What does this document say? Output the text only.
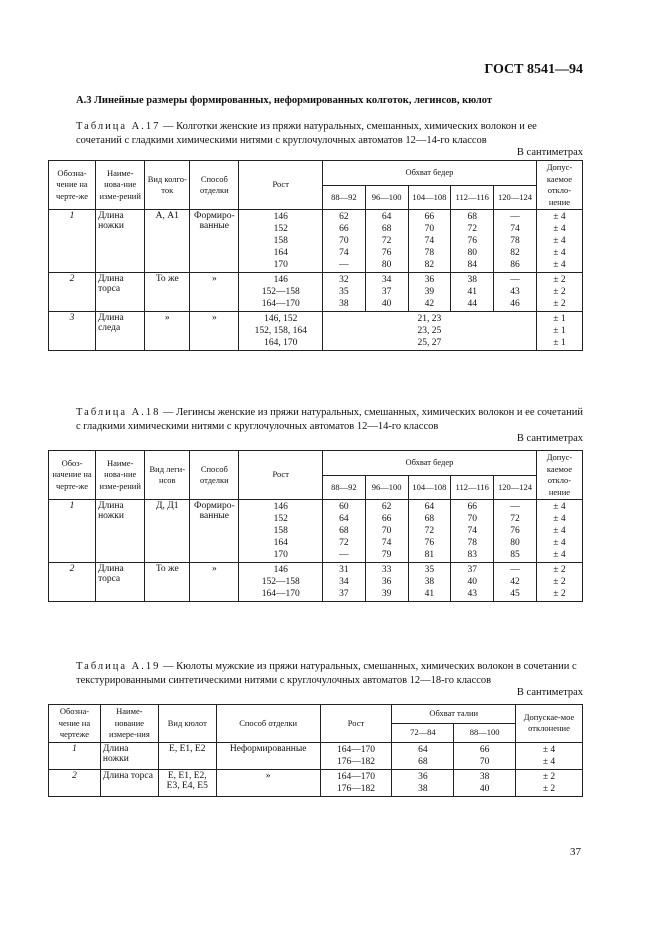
ГОСТ 8541—94
А.3 Линейные размеры формированных, неформированных колготок, легинсов, кюлот
Таблица А.17 — Колготки женские из пряжи натуральных, смешанных, химических волокон и ее сочетаний с гладкими химическими нитями с круглочулочных автоматов 12—14-го классов
В сантиметрах
Обозна-чение на черте-же	Наиме-нова-ние изме-рений	Вид колго-ток	Способ отделки	Рост	Обхват бедер					Допус-каемое откло-нение
					88—92	96—100	104—108	112—116	120—124	
1	Длина ножки	А, А1	Формиро-ванные	146
152
158
164
170	62
66
70
74
—	64
68
72
76
80	66
70
74
78
82	68
72
76
80
84	—
74
78
82
86	± 4
± 4
± 4
± 4
± 4

2	Длина торса	То же	»	146
152—158
164—170	32
35
38	34
37
40	36
39
42	38
41
44	—
43
46	± 2
± 2
± 2

3	Длина следа	»	»	146, 152
152, 158, 164
164, 170	21, 23
23, 25
25, 27					± 1
± 1
± 1
Таблица А.18 — Легинсы женские из пряжи натуральных, смешанных, химических волокон и ее сочетаний с гладкими химическими нитями с круглочулочных автоматов 12—14-го классов
В сантиметрах
Обоз-начение на черте-же	Наиме-нова-ние изме-рений	Вид леги-нсов	Способ отделки	Рост	Обхват бедер					Допус-каемое откло-нение
					88—92	96—100	104—108	112—116	120—124	
1	Длина ножки	Д, Д1	Формиро-ванные	146
152
158
164
170	60
64
68
72
—	62
66
70
74
79	64
68
72
76
81	66
70
74
78
83	—
72
76
80
85	± 4
± 4
± 4
± 4
± 4

2	Длина торса	То же	»	146
152—158
164—170	31
34
37	33
36
39	35
38
41	37
40
43	—
42
45	± 2
± 2
± 2
Таблица А.19 — Кюлоты мужские из пряжи натуральных, смешанных, химических волокон в сочетании с текстурированными синтетическими нитями с круглочулочных автоматов 12—18-го классов
В сантиметрах
Обозна-чение на чертеже	Наиме-нование измере-ния	Вид кюлот	Способ отделки	Рост	Обхват талии		Допускае-мое отклонение
					72—84	88—100	
1	Длина ножки	Е, Е1, Е2	Неформированные	164—170
176—182	64
68	66
70	± 4
± 4

2	Длина торса	Е, Е1, Е2, Е3, Е4, Е5	»	164—170
176—182	36
38	38
40	± 2
± 2
37
